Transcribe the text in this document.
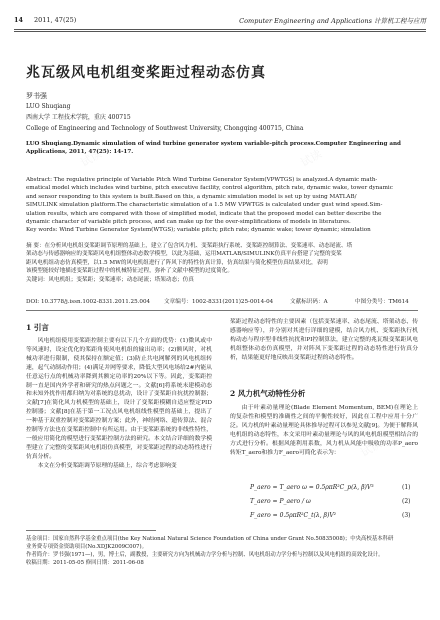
14 2011, 47(25)	Computer Engineering and Applications 计算机工程与应用
兆瓦级风电机组变桨距过程动态仿真
罗书强
LUO Shuqiang
西南大学 工程技术学院，重庆 400715
College of Engineering and Technology of Southwest University, Chongqing 400715, China
LUO Shuqiang.Dynamic simulation of wind turbine generator system variable-pitch process.Computer Engineering and
Applications, 2011, 47(25): 14-17.
Abstract: The regulative principle of Variable Pitch Wind Turbine Generator System(VPWTGS) is analyzed.A dynamic math-
ematical model which includes wind turbine, pitch executive facility, control algorithm, pitch rate, dynamic wake, tower dynamic
and sensor responding to this system is built.Based on this, a dynamic simulation model is set up by using MATLAB/
SIMULINK simulation platform.The characteristic simulation of a 1.5 MW VPWTGS is calculated under gust wind speed.Sim-
ulation results, which are compared with those of simplified model, indicate that the proposed model can better describe the
dynamic character of variable pitch process, and can make up for the over-simplifications of models in literatures.
Key words: Wind Turbine Generator System(WTGS); variable pitch; pitch rate; dynamic wake; tower dynamic; simulation
摘 要：在分析风电机组变桨距调节原理的基础上，建立了包含风力机、变桨距执行系统、变桨距控制算法、变桨速率、动态尾流、塔
架动态与传感器响应的变桨距风电机组整体动态数学模型，以此为基础，运用MATLAB/SIMULINK仿真平台搭建了完整的变桨
距风电机组动态仿真模型，以1.5 MW的风电机组进行了阵风下的特性仿真计算，仿真结果与简化模型仿真结果对比，表明
该模型能较好地描述变桨距过程中的机械特征过程，弥补了文献中模型的过度简化。
关键词：风电机组；变桨距；变桨速率；动态尾流；塔架动态；仿真
DOI: 10.3778/j.issn.1002-8331.2011.25.004 文章编号：1002-8331(2011)25-0014-04	文献标识码：A	中图分类号：TM614
1 引言

风电机组使用变桨距控制主要有以下几个方面的优势：(1)微风或中等风速时，设定优化的桨距角使风电机组的输出功率；(2)额风时，对机械功率进行限制，使其保持在额定值；(3)防止共电网解列的风电机组转速，起气动制动作用；(4)满足并网等要求，降低大型风电场给2#内能从任意运行点的机械功率降到其额定功率的20%以下等。因此，变桨距控制一直是国内外学者和研究的热点问题之一。文献[6]将系统未建模动态和未知外扰作用都归纳为对系统的总扰动，设计了变桨距自抗扰控制器；文献[7]在简化风力机模型的基础上，设计了变桨距模糊自适应整定PID控制器；文献[8]在基于第一工况点风电机组线性模型的基础上，提出了一种基于双重控制对变桨距控制方案；此外，神经网络、遗传算法、混合控制等方法也在变桨距控制中有所运用。由于变桨距系统的非线性特性，一般应用简化的模型进行变桨距控制方法的研究。本文结合详细的数学模型建立了完整的变桨距风电机组仿真模型，对变桨距过程的动态特性进行仿真分析。

本文在分析变桨距调节原理的基础上，综合考虑影响变

桨距过程动态特性的主要因素（包括变桨速率、动态尾流、塔架动态、传感器响应等），并分别对其进行详细的建模，结合风力机、变桨距执行机构动态与程序型非线性抗扰和PI控制算法，建立完整的兆瓦级变桨距风电机组整体动态仿真模型，并对阵风下变桨距过程的动态特性进行仿真分析，结果能更好地反映出变桨距过程的动态特性。

2 风力机气动特性分析

由于叶素动量理论(Blade Element Momentum, BEM)在理论上的复杂性和模型的准确性之间的平衡性较好，因此在工程中应用十分广泛。风力机的叶素动量理论具体推导过程可以参见文献[9]。为便于解释风电机组的动态特性，本文采用叶素动量理论与风的风电机组模型相结合的方式进行分析。根据风能利用系数，风力机从风能中吸收的功率P_aero转矩T_aero和推力F_aero可简化表示为：

P_aero = T_aero ω = 0.5ρπR²C_p(λ, β)V³	(1)
T_aero = P_aero / ω	(2)
F_aero = 0.5ρπR²C_t(λ, β)V²	(3)
基金项目：国家自然科学基金重点项目(the Key National Natural Science Foundation of China under Grant No.50835008)；中央高校基本科研
业务费专项资金资助项目(No.XDJK2009C007)。
作者简介：罗书强(1971—)，男，博士后，副教授，主要研究方向为机械动力学分析与控制、风电机组动力学分析与控制以及风电机组的高效化设计。
收稿日期：2011-05-05 修回日期：2011-06-08
试读	试读
试读
试读
